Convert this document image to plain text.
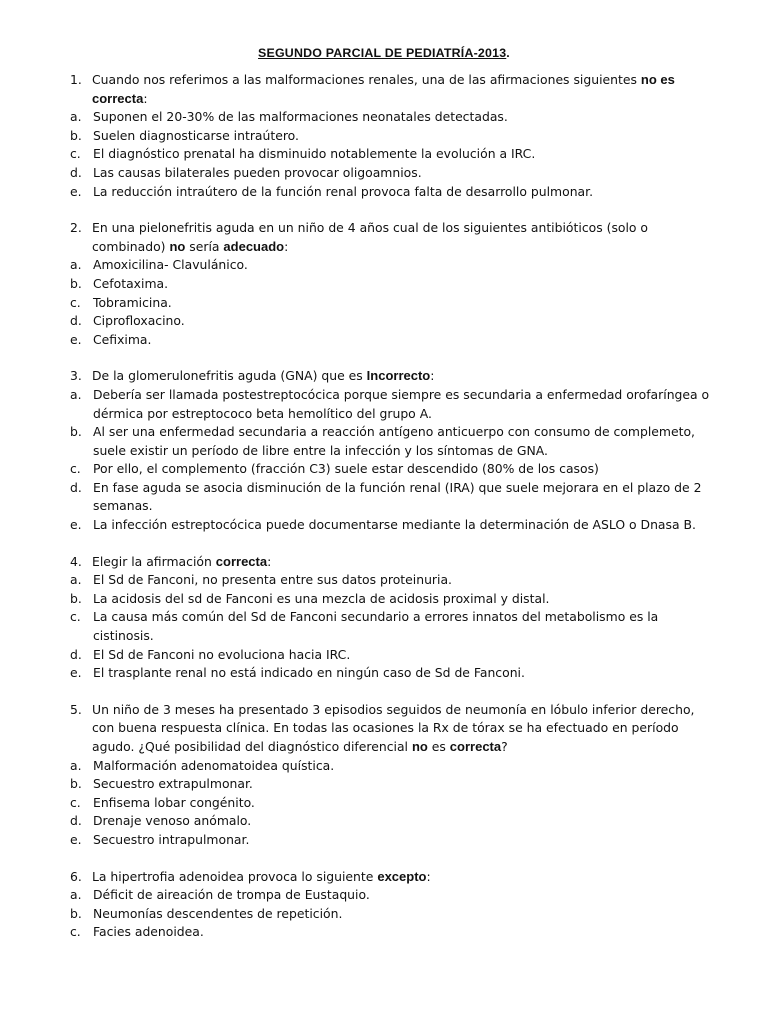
SEGUNDO PARCIAL DE PEDIATRÍA-2013.
1. Cuando nos referimos a las malformaciones renales, una de las afirmaciones siguientes no es correcta:
a. Suponen el 20-30% de las malformaciones neonatales detectadas.
b. Suelen diagnosticarse intraútero.
c. El diagnóstico prenatal ha disminuido notablemente la evolución a IRC.
d. Las causas bilaterales pueden provocar oligoamnios.
e. La reducción intraútero de la función renal provoca falta de desarrollo pulmonar.
2. En una pielonefritis aguda en un niño de 4 años cual de los siguientes antibióticos (solo o combinado) no sería adecuado:
a. Amoxicilina- Clavulánico.
b. Cefotaxima.
c. Tobramicina.
d. Ciprofloxacino.
e. Cefixima.
3. De la glomerulonefritis aguda (GNA) que es Incorrecto:
a. Debería ser llamada postestreptocócica porque siempre es secundaria a enfermedad orofaríngea o dérmica por estreptococo beta hemolítico del grupo A.
b. Al ser una enfermedad secundaria a reacción antígeno anticuerpo con consumo de complemeto, suele existir un período de libre entre la infección y los síntomas de GNA.
c. Por ello, el complemento (fracción C3) suele estar descendido (80% de los casos)
d. En fase aguda se asocia disminución de la función renal (IRA) que suele mejorara en el plazo de 2 semanas.
e. La infección estreptocócica puede documentarse mediante la determinación de ASLO o Dnasa B.
4. Elegir la afirmación correcta:
a. El Sd de Fanconi, no presenta entre sus datos proteinuria.
b. La acidosis del sd de Fanconi es una mezcla de acidosis proximal y distal.
c. La causa más común del Sd de Fanconi secundario a errores innatos del metabolismo es la cistinosis.
d. El Sd de Fanconi no evoluciona hacia IRC.
e. El trasplante renal no está indicado en ningún caso de Sd de Fanconi.
5. Un niño de 3 meses ha presentado 3 episodios seguidos de neumonía en lóbulo inferior derecho, con buena respuesta clínica. En todas las ocasiones la Rx de tórax se ha efectuado en período agudo. ¿Qué posibilidad del diagnóstico diferencial no es correcta?
a. Malformación adenomatoidea quística.
b. Secuestro extrapulmonar.
c. Enfisema lobar congénito.
d. Drenaje venoso anómalo.
e. Secuestro intrapulmonar.
6. La hipertrofia adenoidea provoca lo siguiente excepto:
a. Déficit de aireación de trompa de Eustaquio.
b. Neumonías descendentes de repetición.
c. Facies adenoidea.
